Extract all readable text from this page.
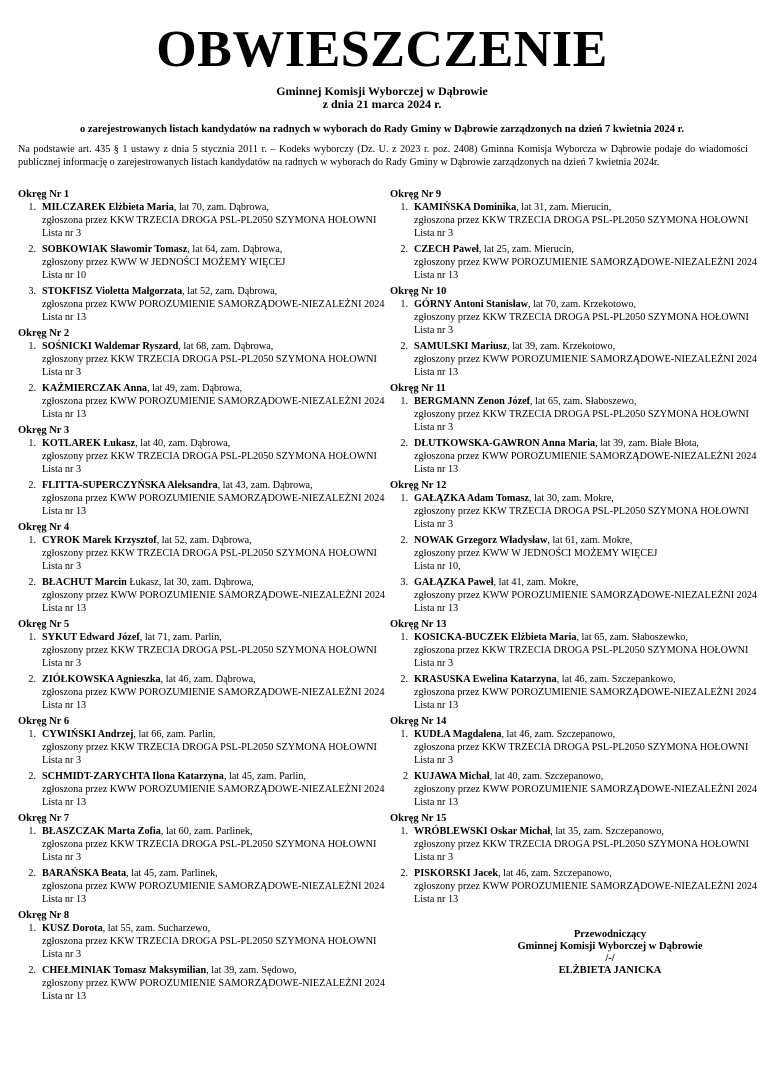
OBWIESZCZENIE
Gminnej Komisji Wyborczej w Dąbrowie
z dnia 21 marca 2024 r.
o zarejestrowanych listach kandydatów na radnych w wyborach do Rady Gminy w Dąbrowie zarządzonych na dzień 7 kwietnia 2024 r.
Na podstawie art. 435 § 1 ustawy z dnia 5 stycznia 2011 r. – Kodeks wyborczy (Dz. U. z 2023 r. poz. 2408) Gminna Komisja Wyborcza w Dąbrowie podaje do wiadomości publicznej informację o zarejestrowanych listach kandydatów na radnych w wyborach do Rady Gminy w Dąbrowie zarządzonych na dzień 7 kwietnia 2024r.
Okręg Nr 1
1. MILCZAREK Elżbieta Maria, lat 70, zam. Dąbrowa,
zgłoszona przez KKW TRZECIA DROGA PSL-PL2050 SZYMONA HOŁOWNI
Lista nr 3
2. SOBKOWIAK Sławomir Tomasz, lat 64, zam. Dąbrowa,
zgłoszony przez KWW W JEDNOŚCI MOŻEMY WIĘCEJ
Lista nr 10
3. STOKFISZ Violetta Małgorzata, lat 52, zam. Dąbrowa,
zgłoszona przez KWW POROZUMIENIE SAMORZĄDOWE-NIEZALEŻNI 2024
Lista nr 13
Okręg Nr 2
1. SOŚNICKI Waldemar Ryszard, lat 68, zam. Dąbrowa,
zgłoszony przez KKW TRZECIA DROGA PSL-PL2050 SZYMONA HOŁOWNI
Lista nr 3
2. KAŹMIERCZAK Anna, lat 49, zam. Dąbrowa,
zgłoszona przez KWW POROZUMIENIE SAMORZĄDOWE-NIEZALEŻNI 2024
Lista nr 13
Okręg Nr 3
1. KOTLAREK Łukasz, lat 40, zam. Dąbrowa,
zgłoszony przez KKW TRZECIA DROGA PSL-PL2050 SZYMONA HOŁOWNI
Lista nr 3
2. FLITTA-SUPERCZYŃSKA Aleksandra, lat 43, zam. Dąbrowa,
zgłoszona przez KWW POROZUMIENIE SAMORZĄDOWE-NIEZALEŻNI 2024
Lista nr 13
Okręg Nr 4
1. CYROK Marek Krzysztof, lat 52, zam. Dąbrowa,
zgłoszony przez KKW TRZECIA DROGA PSL-PL2050 SZYMONA HOŁOWNI
Lista nr 3
2. BŁACHUT Marcin Łukasz, lat 30, zam. Dąbrowa,
zgłoszony przez KWW POROZUMIENIE SAMORZĄDOWE-NIEZALEŻNI 2024
Lista nr 13
Okręg Nr 5
1. SYKUT Edward Józef, lat 71, zam. Parlin,
zgłoszony przez KKW TRZECIA DROGA PSL-PL2050 SZYMONA HOŁOWNI
Lista nr 3
2. ZIÓŁKOWSKA Agnieszka, lat 46, zam. Dąbrowa,
zgłoszona przez KWW POROZUMIENIE SAMORZĄDOWE-NIEZALEŻNI 2024
Lista nr 13
Okręg Nr 6
1. CYWIŃSKI Andrzej, lat 66, zam. Parlin,
zgłoszony przez KKW TRZECIA DROGA PSL-PL2050 SZYMONA HOŁOWNI
Lista nr 3
2. SCHMIDT-ZARYCHTA Ilona Katarzyna, lat 45, zam. Parlin,
zgłoszona przez KWW POROZUMIENIE SAMORZĄDOWE-NIEZALEŻNI 2024
Lista nr 13
Okręg Nr 7
1. BŁASZCZAK Marta Zofia, lat 60, zam. Parlinek,
zgłoszona przez KKW TRZECIA DROGA PSL-PL2050 SZYMONA HOŁOWNI
Lista nr 3
2. BARAŃSKA Beata, lat 45, zam. Parlinek,
zgłoszona przez KWW POROZUMIENIE SAMORZĄDOWE-NIEZALEŻNI 2024
Lista nr 13
Okręg Nr 8
1. KUSZ Dorota, lat 55, zam. Sucharzewo,
zgłoszona przez KKW TRZECIA DROGA PSL-PL2050 SZYMONA HOŁOWNI
Lista nr 3
2. CHEŁMINIAK Tomasz Maksymilian, lat 39, zam. Sędowo,
zgłoszony przez KWW POROZUMIENIE SAMORZĄDOWE-NIEZALEŻNI 2024
Lista nr 13
Okręg Nr 9
1. KAMIŃSKA Dominika, lat 31, zam. Mierucin,
zgłoszona przez KKW TRZECIA DROGA PSL-PL2050 SZYMONA HOŁOWNI
Lista nr 3
2. CZECH Paweł, lat 25, zam. Mierucin,
zgłoszony przez KWW POROZUMIENIE SAMORZĄDOWE-NIEZALEŻNI 2024
Lista nr 13
Okręg Nr 10
1. GÓRNY Antoni Stanisław, lat 70, zam. Krzekotowo,
zgłoszony przez KKW TRZECIA DROGA PSL-PL2050 SZYMONA HOŁOWNI
Lista nr 3
2. SAMULSKI Mariusz, lat 39, zam. Krzekotowo,
zgłoszony przez KWW POROZUMIENIE SAMORZĄDOWE-NIEZALEŻNI 2024
Lista nr 13
Okręg Nr 11
1. BERGMANN Zenon Józef, lat 65, zam. Słaboszewo,
zgłoszony przez KKW TRZECIA DROGA PSL-PL2050 SZYMONA HOŁOWNI
Lista nr 3
2. DŁUTKOWSKA-GAWRON Anna Maria, lat 39, zam. Białe Błota,
zgłoszona przez KWW POROZUMIENIE SAMORZĄDOWE-NIEZALEŻNI 2024
Lista nr 13
Okręg Nr 12
1. GAŁĄZKA Adam Tomasz, lat 30, zam. Mokre,
zgłoszony przez KKW TRZECIA DROGA PSL-PL2050 SZYMONA HOŁOWNI
Lista nr 3
2. NOWAK Grzegorz Władysław, lat 61, zam. Mokre,
zgłoszony przez KWW W JEDNOŚCI MOŻEMY WIĘCEJ
Lista nr 10,
3. GAŁĄZKA Paweł, lat 41, zam. Mokre,
zgłoszony przez KWW POROZUMIENIE SAMORZĄDOWE-NIEZALEŻNI 2024
Lista nr 13
Okręg Nr 13
1. KOSICKA-BUCZEK Elżbieta Maria, lat 65, zam. Słaboszewko,
zgłoszona przez KKW TRZECIA DROGA PSL-PL2050 SZYMONA HOŁOWNI
Lista nr 3
2. KRASUSKA Ewelina Katarzyna, lat 46, zam. Szczepankowo,
zgłoszona przez KWW POROZUMIENIE SAMORZĄDOWE-NIEZALEŻNI 2024
Lista nr 13
Okręg Nr 14
1. KUDŁA Magdalena, lat 46, zam. Szczepanowo,
zgłoszona przez KKW TRZECIA DROGA PSL-PL2050 SZYMONA HOŁOWNI
Lista nr 3
2 KUJAWA Michał, lat 40, zam. Szczepanowo,
zgłoszony przez KWW POROZUMIENIE SAMORZĄDOWE-NIEZALEŻNI 2024
Lista nr 13
Okręg Nr 15
1. WRÓBLEWSKI Oskar Michał, lat 35, zam. Szczepanowo,
zgłoszony przez KKW TRZECIA DROGA PSL-PL2050 SZYMONA HOŁOWNI
Lista nr 3
2. PISKORSKI Jacek, lat 46, zam. Szczepanowo,
zgłoszony przez KWW POROZUMIENIE SAMORZĄDOWE-NIEZALEŻNI 2024
Lista nr 13
Przewodniczący
Gminnej Komisji Wyborczej w Dąbrowie
/-/
ELŻBIETA JANICKA
